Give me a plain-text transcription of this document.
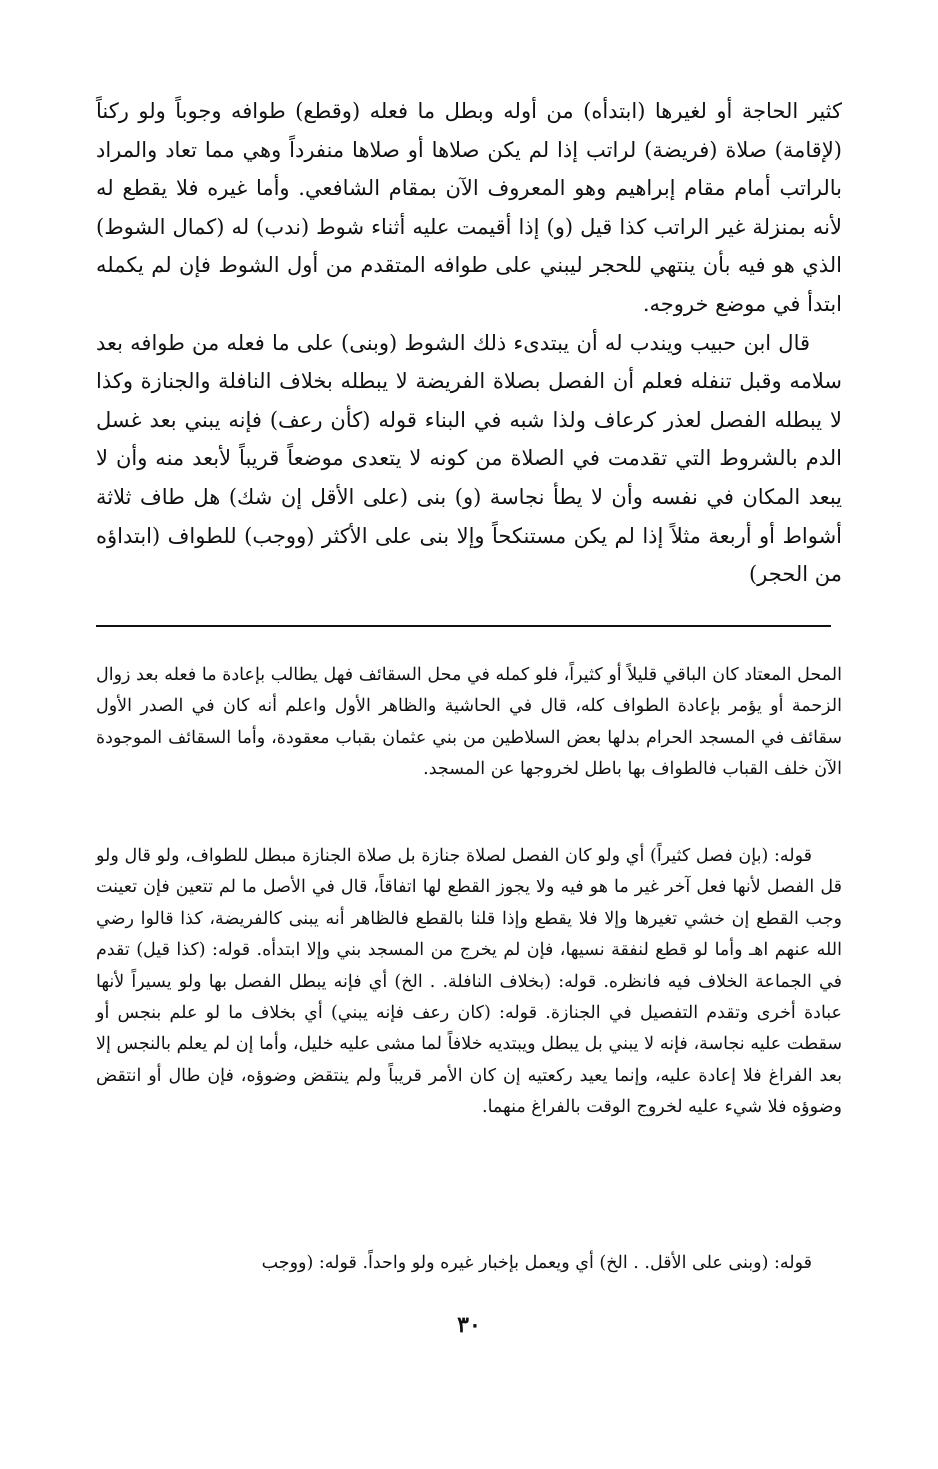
كثير الحاجة أو لغيرها (ابتدأه) من أوله وبطل ما فعله (وقطع) طوافه وجوباً ولو ركناً (لإقامة) صلاة (فريضة) لراتب إذا لم يكن صلاها أو صلاها منفرداً وهي مما تعاد والمراد بالراتب أمام مقام إبراهيم وهو المعروف الآن بمقام الشافعي. وأما غيره فلا يقطع له لأنه بمنزلة غير الراتب كذا قيل (و) إذا أقيمت عليه أثناء شوط (ندب) له (كمال الشوط) الذي هو فيه بأن ينتهي للحجر ليبني على طوافه المتقدم من أول الشوط فإن لم يكمله ابتدأ في موضع خروجه.

قال ابن حبيب ويندب له أن يبتدىء ذلك الشوط (وبنى) على ما فعله من طوافه بعد سلامه وقبل تنفله فعلم أن الفصل بصلاة الفريضة لا يبطله بخلاف النافلة والجنازة وكذا لا يبطله الفصل لعذر كرعاف ولذا شبه في البناء قوله (كأن رعف) فإنه يبني بعد غسل الدم بالشروط التي تقدمت في الصلاة من كونه لا يتعدى موضعاً قريباً لأبعد منه وأن لا يبعد المكان في نفسه وأن لا يطأ نجاسة (و) بنى (على الأقل إن شك) هل طاف ثلاثة أشواط أو أربعة مثلاً إذا لم يكن مستنكحاً وإلا بنى على الأكثر (ووجب) للطواف (ابتداؤه من الحجر)

المحل المعتاد كان الباقي قليلاً أو كثيراً، فلو كمله في محل السقائف فهل يطالب بإعادة ما فعله بعد زوال الزحمة أو يؤمر بإعادة الطواف كله، قال في الحاشية والظاهر الأول واعلم أنه كان في الصدر الأول سقائف في المسجد الحرام بدلها بعض السلاطين من بني عثمان بقباب معقودة، وأما السقائف الموجودة الآن خلف القباب فالطواف بها باطل لخروجها عن المسجد.

قوله: (بإن فصل كثيراً) أي ولو كان الفصل لصلاة جنازة بل صلاة الجنازة مبطل للطواف، ولو قال ولو قل الفصل لأنها فعل آخر غير ما هو فيه ولا يجوز القطع لها اتفاقاً، قال في الأصل ما لم تتعين فإن تعينت وجب القطع إن خشي تغيرها وإلا فلا يقطع وإذا قلنا بالقطع فالظاهر أنه يبنى كالفريضة، كذا قالوا رضي الله عنهم اهـ وأما لو قطع لنفقة نسيها، فإن لم يخرج من المسجد بني وإلا ابتدأه. قوله: (كذا قيل) تقدم في الجماعة الخلاف فيه فانظره. قوله: (بخلاف النافلة. . الخ) أي فإنه يبطل الفصل بها ولو يسيراً لأنها عبادة أخرى وتقدم التفصيل في الجنازة. قوله: (كان رعف فإنه يبني) أي بخلاف ما لو علم بنجس أو سقطت عليه نجاسة، فإنه لا يبني بل يبطل ويبتديه خلافاً لما مشى عليه خليل، وأما إن لم يعلم بالنجس إلا بعد الفراغ فلا إعادة عليه، وإنما يعيد ركعتيه إن كان الأمر قريباً ولم ينتقض وضوؤه، فإن طال أو انتقض وضوؤه فلا شيء عليه لخروج الوقت بالفراغ منهما.

قوله: (وبنى على الأقل. . الخ) أي ويعمل بإخبار غيره ولو واحداً. قوله: (ووجب

٣٠
